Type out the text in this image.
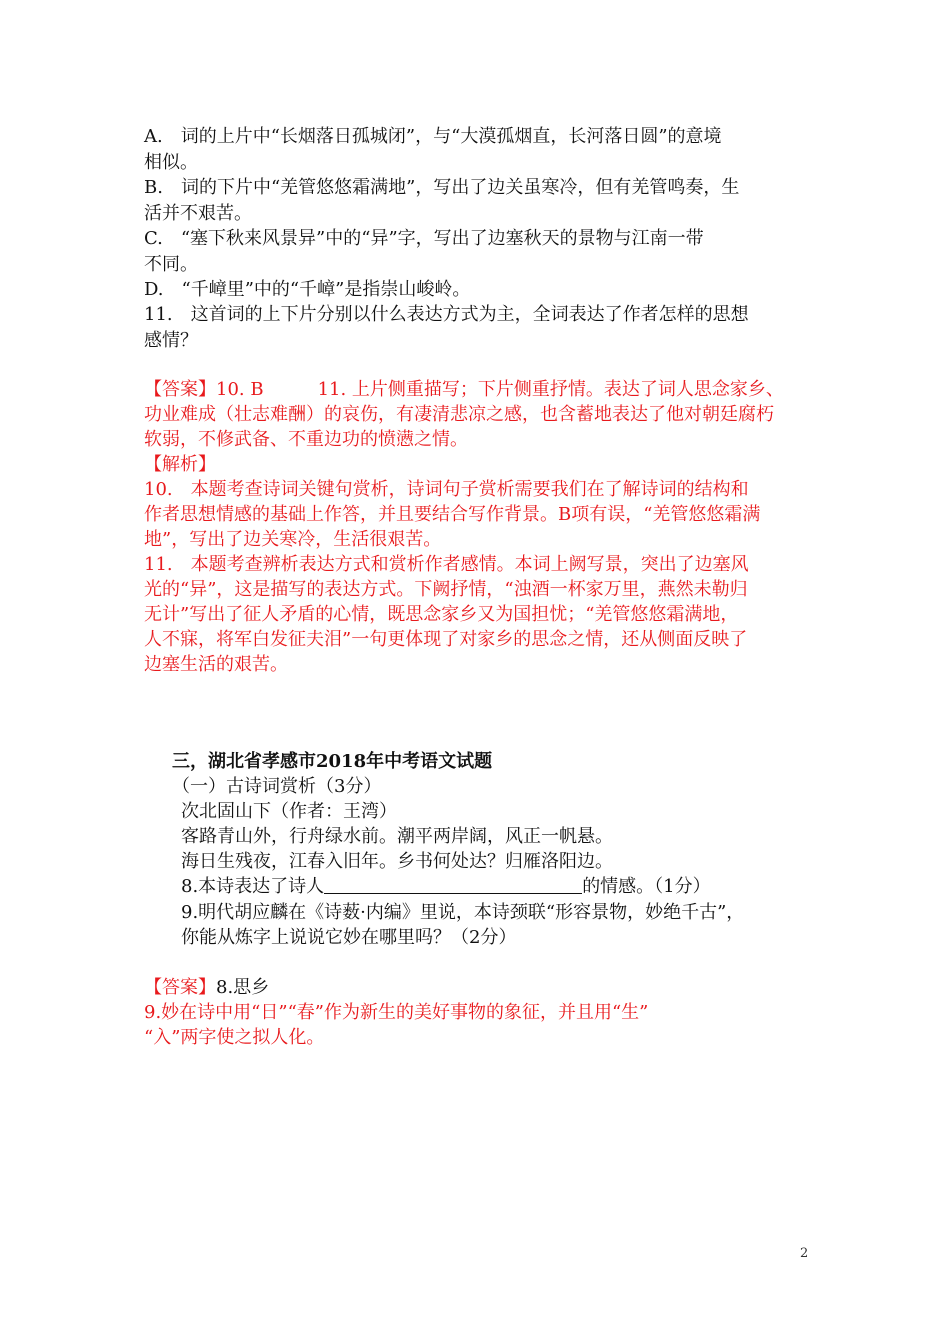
A.　词的上片中“长烟落日孤城闭”，与“大漠孤烟直，长河落日圆”的意境
相似。
B.　词的下片中“羌管悠悠霜满地”，写出了边关虽寒冷，但有羌管鸣奏，生
活并不艰苦。
C.　“塞下秋来风景异”中的“异”字，写出了边塞秋天的景物与江南一带
不同。
D.　“千嶂里”中的“千嶂”是指崇山峻岭。
11.　这首词的上下片分别以什么表达方式为主，全词表达了作者怎样的思想
感情？
【答案】10. B　　　11. 上片侧重描写；下片侧重抒情。表达了词人思念家乡、
功业难成（壮志难酬）的哀伤，有凄清悲凉之感，也含蓄地表达了他对朝廷腐朽
软弱，不修武备、不重边功的愤懑之情。
【解析】
10.　本题考查诗词关键句赏析，诗词句子赏析需要我们在了解诗词的结构和
作者思想情感的基础上作答，并且要结合写作背景。B项有误，“羌管悠悠霜满
地”，写出了边关寒冷，生活很艰苦。
11.　本题考查辨析表达方式和赏析作者感情。本词上阙写景，突出了边塞风
光的“异”，这是描写的表达方式。下阙抒情，“浊酒一杯家万里，燕然未勒归
无计”写出了征人矛盾的心情，既思念家乡又为国担忧；“羌管悠悠霜满地，
人不寐，将军白发征夫泪”一句更体现了对家乡的思念之情，还从侧面反映了
边塞生活的艰苦。
三，湖北省孝感市2018年中考语文试题
（一）古诗词赏析（3分）
次北固山下（作者：王湾）
客路青山外，行舟绿水前。潮平两岸阔，风正一帆悬。
海日生残夜，江春入旧年。乡书何处达？归雁洛阳边。
8.本诗表达了诗人	的情感。（1分）
9.明代胡应麟在《诗薮·内编》里说，本诗颈联“形容景物，妙绝千古”，
你能从炼字上说说它妙在哪里吗？（2分）
【答案】8.思乡
9.妙在诗中用“日”“春”作为新生的美好事物的象征，并且用“生”
“入”两字使之拟人化。
2
